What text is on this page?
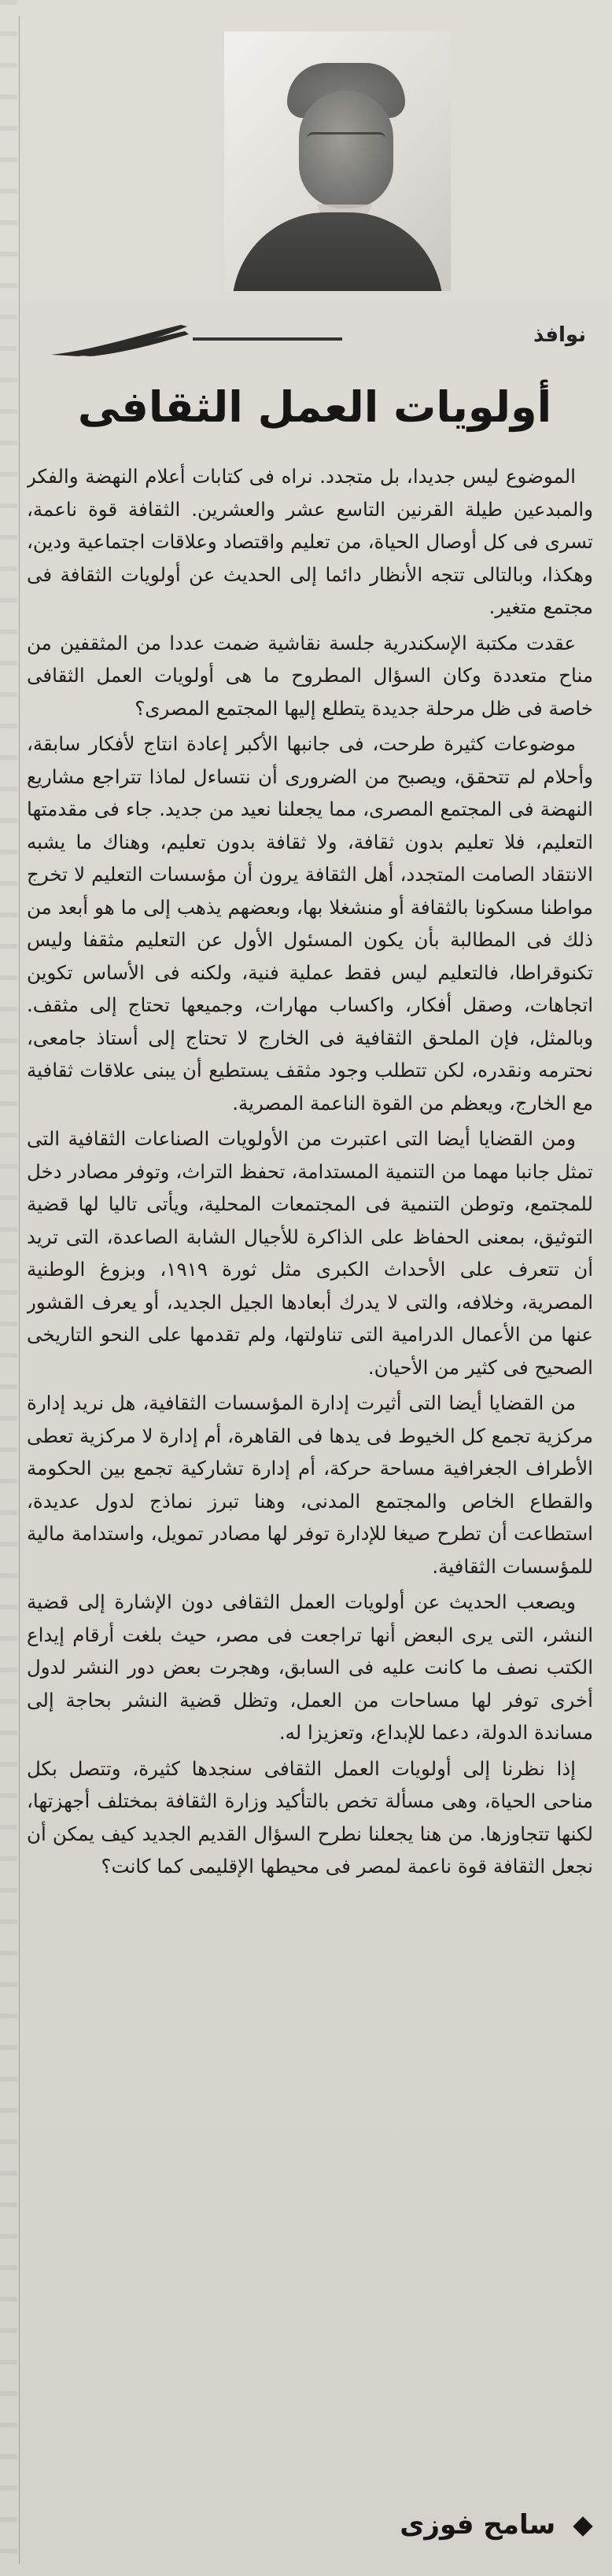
نوافذ
أولويات العمل الثقافى

الموضوع ليس جديدا، بل متجدد. نراه فى كتابات أعلام النهضة والفكر والمبدعين طيلة القرنين التاسع عشر والعشرين. الثقافة قوة ناعمة، تسرى فى كل أوصال الحياة، من تعليم واقتصاد وعلاقات اجتماعية ودين، وهكذا، وبالتالى تتجه الأنظار دائما إلى الحديث عن أولويات الثقافة فى مجتمع متغير.

عقدت مكتبة الإسكندرية جلسة نقاشية ضمت عددا من المثقفين من مناح متعددة وكان السؤال المطروح ما هى أولويات العمل الثقافى خاصة فى ظل مرحلة جديدة يتطلع إليها المجتمع المصرى؟

موضوعات كثيرة طرحت، فى جانبها الأكبر إعادة انتاج لأفكار سابقة، وأحلام لم تتحقق، ويصبح من الضرورى أن نتساءل لماذا تتراجع مشاريع النهضة فى المجتمع المصرى، مما يجعلنا نعيد من جديد. جاء فى مقدمتها التعليم، فلا تعليم بدون ثقافة، ولا ثقافة بدون تعليم، وهناك ما يشبه الانتقاد الصامت المتجدد، أهل الثقافة يرون أن مؤسسات التعليم لا تخرج مواطنا مسكونا بالثقافة أو منشغلا بها، وبعضهم يذهب إلى ما هو أبعد من ذلك فى المطالبة بأن يكون المسئول الأول عن التعليم مثقفا وليس تكنوقراطا، فالتعليم ليس فقط عملية فنية، ولكنه فى الأساس تكوين اتجاهات، وصقل أفكار، واكساب مهارات، وجميعها تحتاج إلى مثقف. وبالمثل، فإن الملحق الثقافية فى الخارج لا تحتاج إلى أستاذ جامعى، نحترمه ونقدره، لكن تتطلب وجود مثقف يستطيع أن يبنى علاقات ثقافية مع الخارج، ويعظم من القوة الناعمة المصرية.

ومن القضايا أيضا التى اعتبرت من الأولويات الصناعات الثقافية التى تمثل جانبا مهما من التنمية المستدامة، تحفظ التراث، وتوفر مصادر دخل للمجتمع، وتوطن التنمية فى المجتمعات المحلية، ويأتى تاليا لها قضية التوثيق، بمعنى الحفاظ على الذاكرة للأجيال الشابة الصاعدة، التى تريد أن تتعرف على الأحداث الكبرى مثل ثورة ١٩١٩، وبزوغ الوطنية المصرية، وخلافه، والتى لا يدرك أبعادها الجيل الجديد، أو يعرف القشور عنها من الأعمال الدرامية التى تناولتها، ولم تقدمها على النحو التاريخى الصحيح فى كثير من الأحيان.

من القضايا أيضا التى أثيرت إدارة المؤسسات الثقافية، هل نريد إدارة مركزية تجمع كل الخيوط فى يدها فى القاهرة، أم إدارة لا مركزية تعطى الأطراف الجغرافية مساحة حركة، أم إدارة تشاركية تجمع بين الحكومة والقطاع الخاص والمجتمع المدنى، وهنا تبرز نماذج لدول عديدة، استطاعت أن تطرح صيغا للإدارة توفر لها مصادر تمويل، واستدامة مالية للمؤسسات الثقافية.

ويصعب الحديث عن أولويات العمل الثقافى دون الإشارة إلى قضية النشر، التى يرى البعض أنها تراجعت فى مصر، حيث بلغت أرقام إيداع الكتب نصف ما كانت عليه فى السابق، وهجرت بعض دور النشر لدول أخرى توفر لها مساحات من العمل، وتظل قضية النشر بحاجة إلى مساندة الدولة، دعما للإبداع، وتعزيزا له.

إذا نظرنا إلى أولويات العمل الثقافى سنجدها كثيرة، وتتصل بكل مناحى الحياة، وهى مسألة تخص بالتأكيد وزارة الثقافة بمختلف أجهزتها، لكنها تتجاوزها. من هنا يجعلنا نطرح السؤال القديم الجديد كيف يمكن أن نجعل الثقافة قوة ناعمة لمصر فى محيطها الإقليمى كما كانت؟

سامح فوزى
